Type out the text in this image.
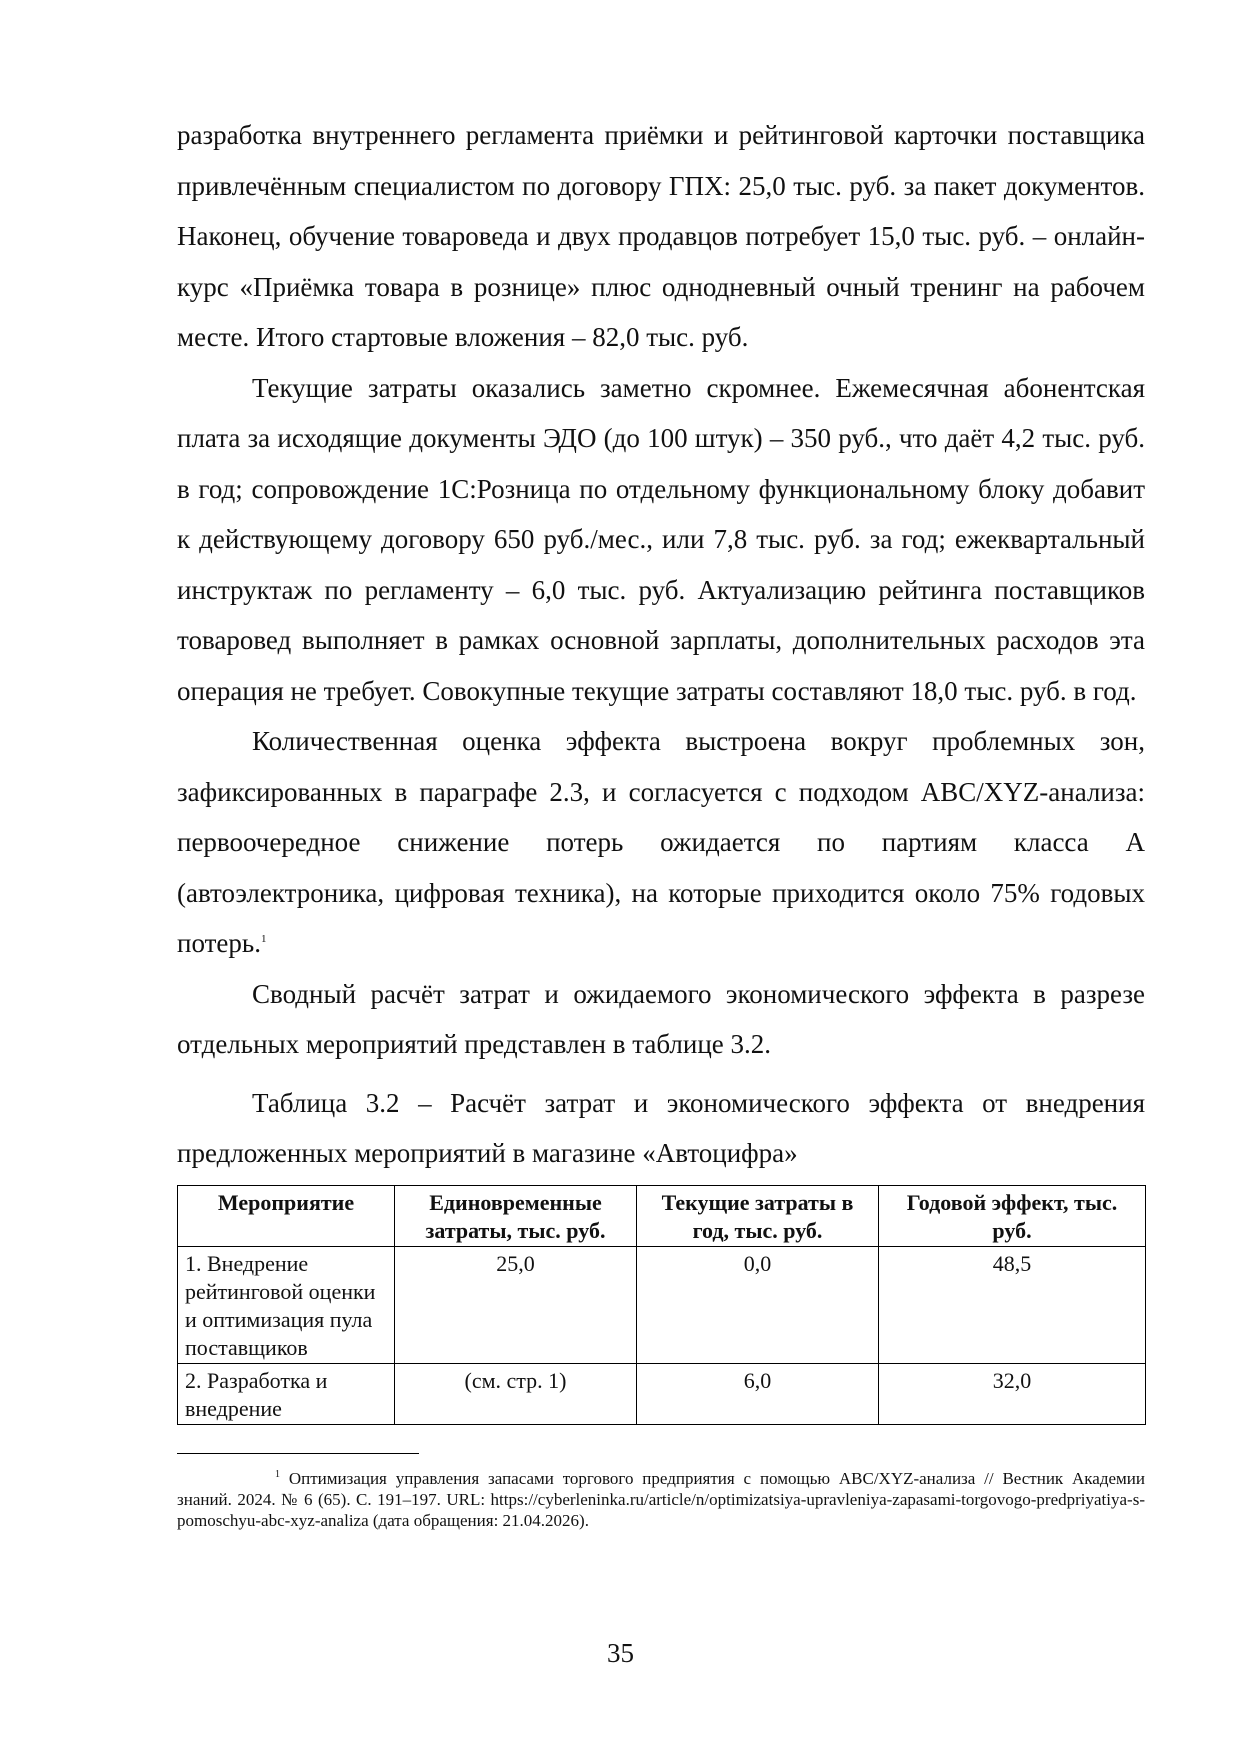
разработка внутреннего регламента приёмки и рейтинговой карточки поставщика привлечённым специалистом по договору ГПХ: 25,0 тыс. руб. за пакет документов. Наконец, обучение товароведа и двух продавцов потребует 15,0 тыс. руб. – онлайн-курс «Приёмка товара в рознице» плюс однодневный очный тренинг на рабочем месте. Итого стартовые вложения – 82,0 тыс. руб.

Текущие затраты оказались заметно скромнее. Ежемесячная абонентская плата за исходящие документы ЭДО (до 100 штук) – 350 руб., что даёт 4,2 тыс. руб. в год; сопровождение 1С:Розница по отдельному функциональному блоку добавит к действующему договору 650 руб./мес., или 7,8 тыс. руб. за год; ежеквартальный инструктаж по регламенту – 6,0 тыс. руб. Актуализацию рейтинга поставщиков товаровед выполняет в рамках основной зарплаты, дополнительных расходов эта операция не требует. Совокупные текущие затраты составляют 18,0 тыс. руб. в год.

Количественная оценка эффекта выстроена вокруг проблемных зон, зафиксированных в параграфе 2.3, и согласуется с подходом ABC/XYZ-анализа: первоочередное снижение потерь ожидается по партиям класса А (автоэлектроника, цифровая техника), на которые приходится около 75% годовых потерь.$^1$

Сводный расчёт затрат и ожидаемого экономического эффекта в разрезе отдельных мероприятий представлен в таблице 3.2.

Таблица 3.2 – Расчёт затрат и экономического эффекта от внедрения предложенных мероприятий в магазине «Автоцифра»

Мероприятие	Единовременные затраты, тыс. руб.	Текущие затраты в год, тыс. руб.	Годовой эффект, тыс. руб.
1. Внедрение рейтинговой оценки и оптимизация пула поставщиков	25,0	0,0	48,5
2. Разработка и внедрение	(см. стр. 1)	6,0	32,0

$^1$ Оптимизация управления запасами торгового предприятия с помощью ABC/XYZ-анализа // Вестник Академии знаний. 2024. № 6 (65). С. 191–197. URL: https://cyberleninka.ru/article/n/optimizatsiya-upravleniya-zapasami-torgovogo-predpriyatiya-s-pomoschyu-abc-xyz-analiza (дата обращения: 21.04.2026).

35
